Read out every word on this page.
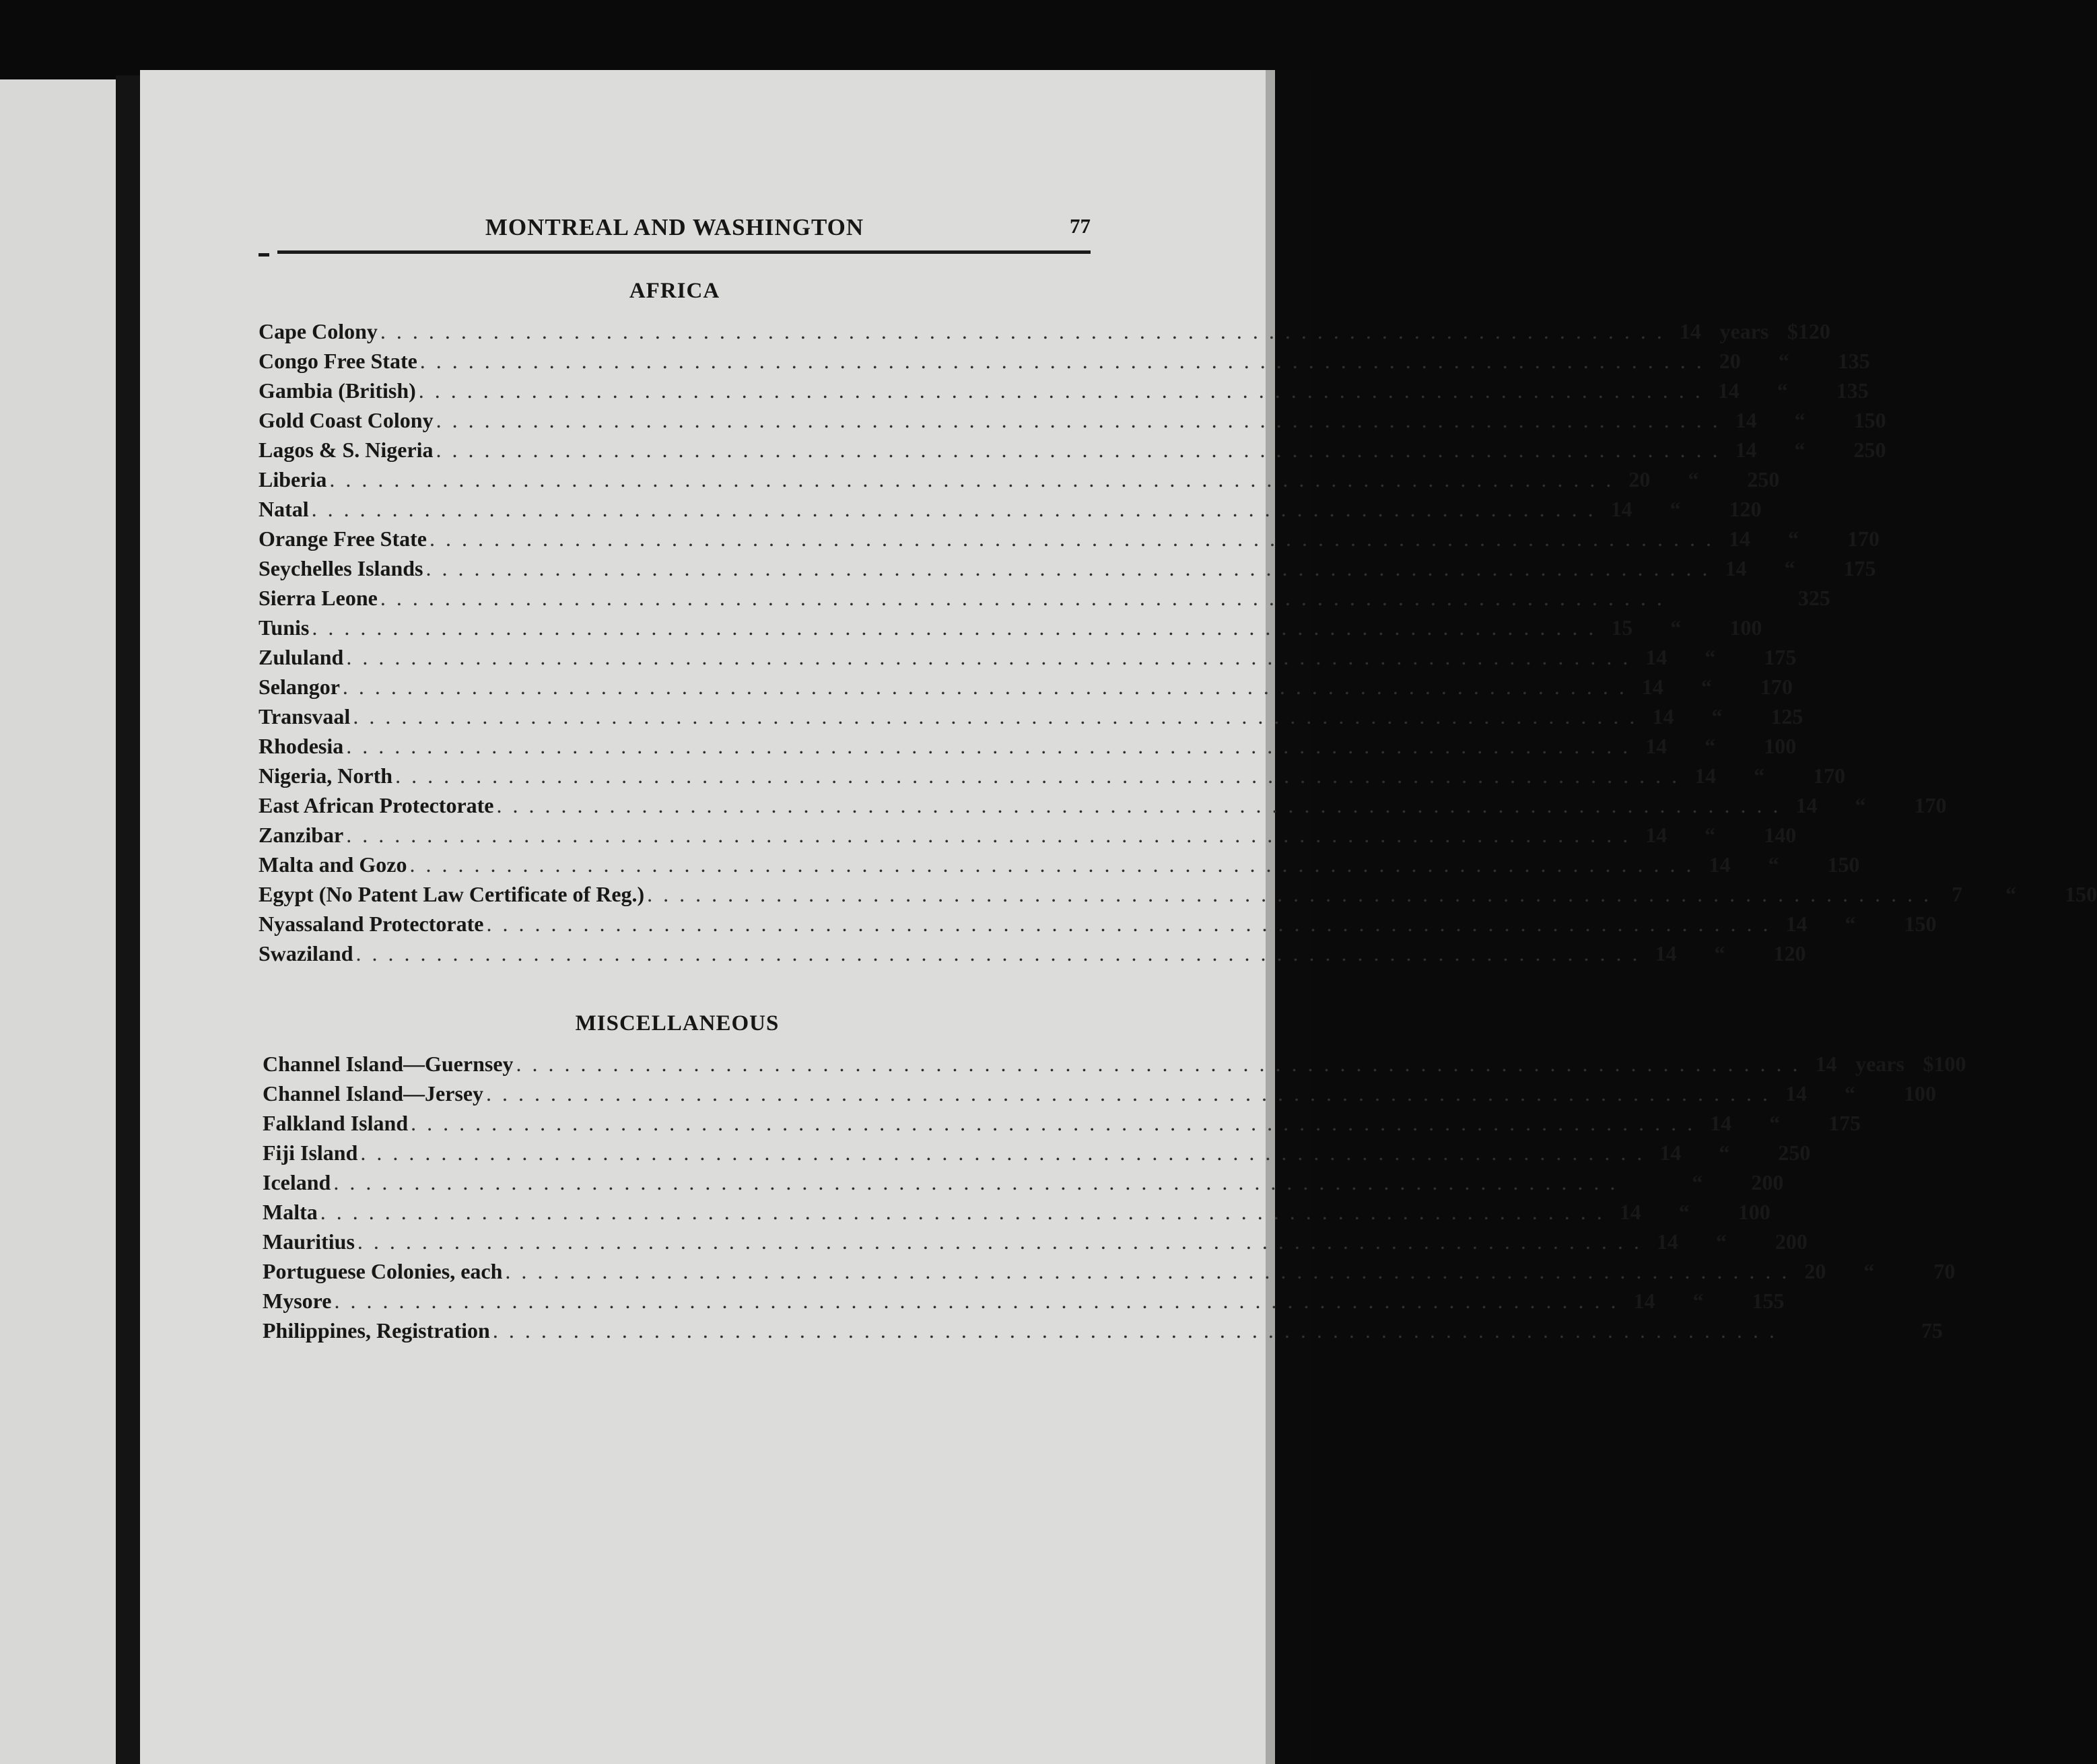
MONTREAL AND WASHINGTON	77
AFRICA
Cape Colony . . . . . . . . . . . . . . . . . . . . . . . . . . . . . . . . . . . . . . . . . . . . . . . . . . . . . . . . . . . . . . . . . . . . . . . . . . . . . . . . 14 years $120
Congo Free State . . . . . . . . . . . . . . . . . . . . . . . . . . . . . . . . . . . . . . . . . . . . . . . . . . . . . . . . . . . . . . . . . . . . . . . . . . . . . . . . 20	“	135
Gambia (British) . . . . . . . . . . . . . . . . . . . . . . . . . . . . . . . . . . . . . . . . . . . . . . . . . . . . . . . . . . . . . . . . . . . . . . . . . . . . . . . . 14	“	135
Gold Coast Colony . . . . . . . . . . . . . . . . . . . . . . . . . . . . . . . . . . . . . . . . . . . . . . . . . . . . . . . . . . . . . . . . . . . . . . . . . . . . . . . . 14	“	150
Lagos & S. Nigeria . . . . . . . . . . . . . . . . . . . . . . . . . . . . . . . . . . . . . . . . . . . . . . . . . . . . . . . . . . . . . . . . . . . . . . . . . . . . . . . . 14	“	250
Liberia . . . . . . . . . . . . . . . . . . . . . . . . . . . . . . . . . . . . . . . . . . . . . . . . . . . . . . . . . . . . . . . . . . . . . . . . . . . . . . . . 20	“	250
Natal . . . . . . . . . . . . . . . . . . . . . . . . . . . . . . . . . . . . . . . . . . . . . . . . . . . . . . . . . . . . . . . . . . . . . . . . . . . . . . . . 14	“	120
Orange Free State . . . . . . . . . . . . . . . . . . . . . . . . . . . . . . . . . . . . . . . . . . . . . . . . . . . . . . . . . . . . . . . . . . . . . . . . . . . . . . . . 14	“	170
Seychelles Islands . . . . . . . . . . . . . . . . . . . . . . . . . . . . . . . . . . . . . . . . . . . . . . . . . . . . . . . . . . . . . . . . . . . . . . . . . . . . . . . . 14	“	175
Sierra Leone . . . . . . . . . . . . . . . . . . . . . . . . . . . . . . . . . . . . . . . . . . . . . . . . . . . . . . . . . . . . . . . . . . . . . . . . . . . . . . . .	325
Tunis . . . . . . . . . . . . . . . . . . . . . . . . . . . . . . . . . . . . . . . . . . . . . . . . . . . . . . . . . . . . . . . . . . . . . . . . . . . . . . . . 15	“	100
Zululand . . . . . . . . . . . . . . . . . . . . . . . . . . . . . . . . . . . . . . . . . . . . . . . . . . . . . . . . . . . . . . . . . . . . . . . . . . . . . . . . 14	“	175
Selangor . . . . . . . . . . . . . . . . . . . . . . . . . . . . . . . . . . . . . . . . . . . . . . . . . . . . . . . . . . . . . . . . . . . . . . . . . . . . . . . . 14	“	170
Transvaal . . . . . . . . . . . . . . . . . . . . . . . . . . . . . . . . . . . . . . . . . . . . . . . . . . . . . . . . . . . . . . . . . . . . . . . . . . . . . . . . 14	“	125
Rhodesia . . . . . . . . . . . . . . . . . . . . . . . . . . . . . . . . . . . . . . . . . . . . . . . . . . . . . . . . . . . . . . . . . . . . . . . . . . . . . . . . 14	“	100
Nigeria, North . . . . . . . . . . . . . . . . . . . . . . . . . . . . . . . . . . . . . . . . . . . . . . . . . . . . . . . . . . . . . . . . . . . . . . . . . . . . . . . . 14	“	170
East African Protectorate . . . . . . . . . . . . . . . . . . . . . . . . . . . . . . . . . . . . . . . . . . . . . . . . . . . . . . . . . . . . . . . . . . . . . . . . . . . . . . . . 14	“	170
Zanzibar . . . . . . . . . . . . . . . . . . . . . . . . . . . . . . . . . . . . . . . . . . . . . . . . . . . . . . . . . . . . . . . . . . . . . . . . . . . . . . . . 14	“	140
Malta and Gozo . . . . . . . . . . . . . . . . . . . . . . . . . . . . . . . . . . . . . . . . . . . . . . . . . . . . . . . . . . . . . . . . . . . . . . . . . . . . . . . . 14	“	150
Egypt (No Patent Law Certificate of Reg.) . . . . . . . . . . . . . . . . . . . . . . . . . . . . . . . . . . . . . . . . . . . . . . . . . . . . . . . . . . . . . . . . . . . . . . . . . . . . . . . . 7	“	150
Nyassaland Protectorate . . . . . . . . . . . . . . . . . . . . . . . . . . . . . . . . . . . . . . . . . . . . . . . . . . . . . . . . . . . . . . . . . . . . . . . . . . . . . . . . 14	“	150
Swaziland . . . . . . . . . . . . . . . . . . . . . . . . . . . . . . . . . . . . . . . . . . . . . . . . . . . . . . . . . . . . . . . . . . . . . . . . . . . . . . . . 14	“	120
MISCELLANEOUS
Channel Island—Guernsey . . . . . . . . . . . . . . . . . . . . . . . . . . . . . . . . . . . . . . . . . . . . . . . . . . . . . . . . . . . . . . . . . . . . . . . . . . . . . . . . 14 years $100
Channel Island—Jersey . . . . . . . . . . . . . . . . . . . . . . . . . . . . . . . . . . . . . . . . . . . . . . . . . . . . . . . . . . . . . . . . . . . . . . . . . . . . . . . . 14	“	100
Falkland Island . . . . . . . . . . . . . . . . . . . . . . . . . . . . . . . . . . . . . . . . . . . . . . . . . . . . . . . . . . . . . . . . . . . . . . . . . . . . . . . . 14	“	175
Fiji Island . . . . . . . . . . . . . . . . . . . . . . . . . . . . . . . . . . . . . . . . . . . . . . . . . . . . . . . . . . . . . . . . . . . . . . . . . . . . . . . . 14	“	250
Iceland . . . . . . . . . . . . . . . . . . . . . . . . . . . . . . . . . . . . . . . . . . . . . . . . . . . . . . . . . . . . . . . . . . . . . . . . . . . . . . . .	“	200
Malta . . . . . . . . . . . . . . . . . . . . . . . . . . . . . . . . . . . . . . . . . . . . . . . . . . . . . . . . . . . . . . . . . . . . . . . . . . . . . . . . 14	“	100
Mauritius . . . . . . . . . . . . . . . . . . . . . . . . . . . . . . . . . . . . . . . . . . . . . . . . . . . . . . . . . . . . . . . . . . . . . . . . . . . . . . . . 14	“	200
Portuguese Colonies, each . . . . . . . . . . . . . . . . . . . . . . . . . . . . . . . . . . . . . . . . . . . . . . . . . . . . . . . . . . . . . . . . . . . . . . . . . . . . . . . . 20	“	70
Mysore . . . . . . . . . . . . . . . . . . . . . . . . . . . . . . . . . . . . . . . . . . . . . . . . . . . . . . . . . . . . . . . . . . . . . . . . . . . . . . . . 14	“	155
Philippines, Registration . . . . . . . . . . . . . . . . . . . . . . . . . . . . . . . . . . . . . . . . . . . . . . . . . . . . . . . . . . . . . . . . . . . . . . . . . . . . . . . .	75
